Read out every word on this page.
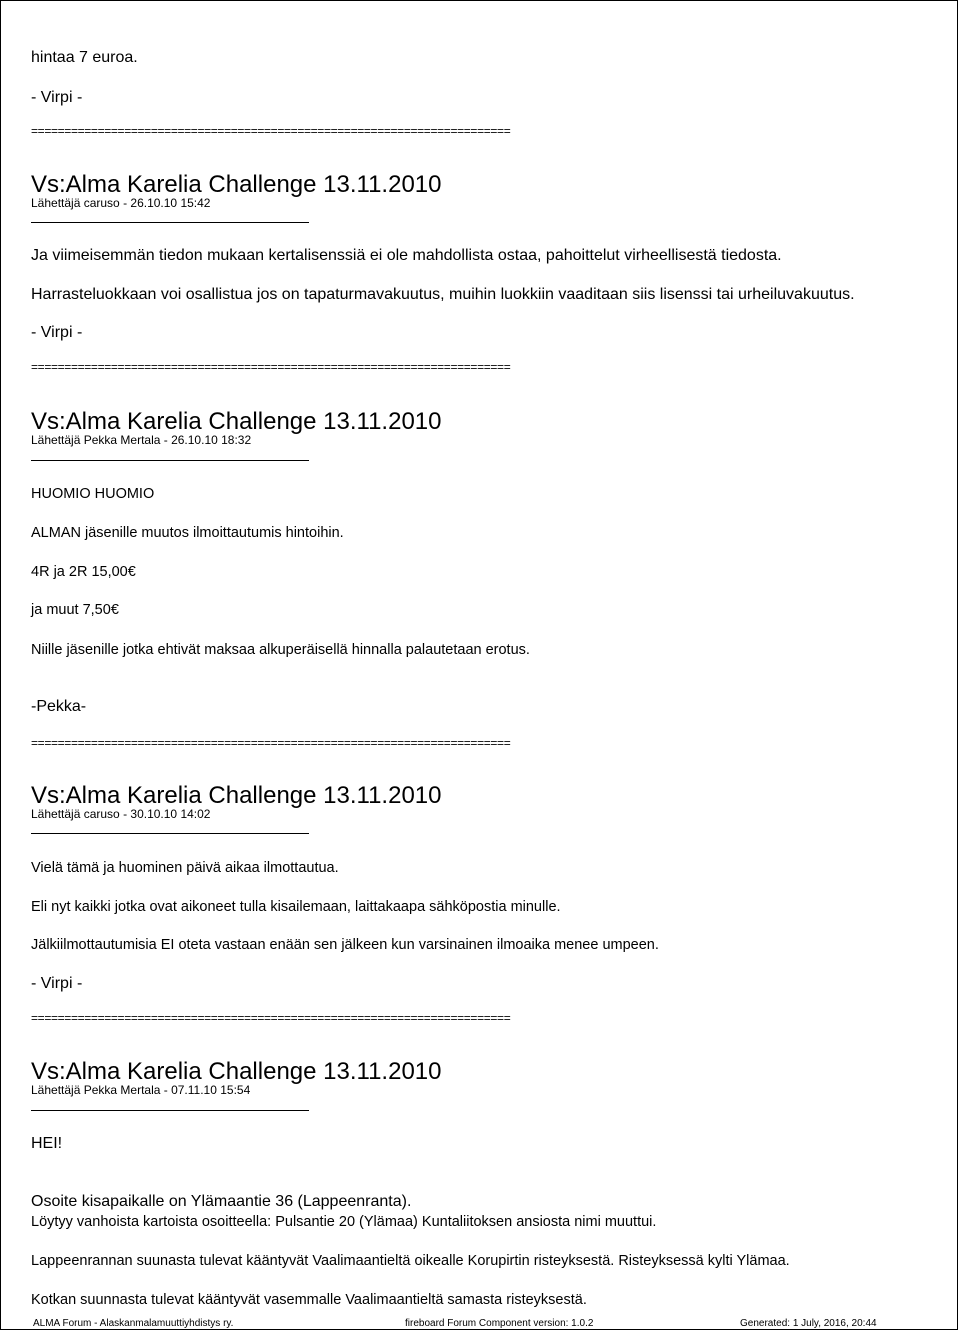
hintaa 7 euroa.
- Virpi -
========================================================================
Vs:Alma Karelia Challenge 13.11.2010
Lähettäjä caruso - 26.10.10 15:42
Ja viimeisemmän tiedon mukaan kertalisenssiä ei ole mahdollista ostaa, pahoittelut virheellisestä tiedosta.
Harrasteluokkaan voi osallistua jos on tapaturmavakuutus, muihin luokkiin vaaditaan siis lisenssi tai urheiluvakuutus.
- Virpi -
========================================================================
Vs:Alma Karelia Challenge 13.11.2010
Lähettäjä Pekka Mertala - 26.10.10 18:32
HUOMIO HUOMIO
ALMAN jäsenille muutos ilmoittautumis hintoihin.
4R ja 2R 15,00€
ja muut 7,50€
Niille jäsenille jotka ehtivät maksaa alkuperäisellä hinnalla palautetaan erotus.
-Pekka-
========================================================================
Vs:Alma Karelia Challenge 13.11.2010
Lähettäjä caruso - 30.10.10 14:02
Vielä tämä ja huominen päivä aikaa ilmottautua.
Eli nyt kaikki jotka ovat aikoneet tulla kisailemaan, laittakaapa sähköpostia minulle.
Jälkiilmottautumisia EI oteta vastaan enään sen jälkeen kun varsinainen ilmoaika menee umpeen.
- Virpi -
========================================================================
Vs:Alma Karelia Challenge 13.11.2010
Lähettäjä Pekka Mertala - 07.11.10 15:54
HEI!
Osoite kisapaikalle on Ylämaantie 36 (Lappeenranta).
Löytyy vanhoista kartoista osoitteella: Pulsantie 20 (Ylämaa) Kuntaliitoksen ansiosta nimi muuttui.
Lappeenrannan suunasta tulevat kääntyvät Vaalimaantieltä oikealle Korupirtin risteyksestä. Risteyksessä kylti Ylämaa.
Kotkan suunnasta tulevat kääntyvät vasemmalle Vaalimaantieltä samasta risteyksestä.
ALMA Forum - Alaskanmalamuuttiyhdistys ry.	fireboard Forum Component version: 1.0.2	Generated: 1 July, 2016, 20:44
